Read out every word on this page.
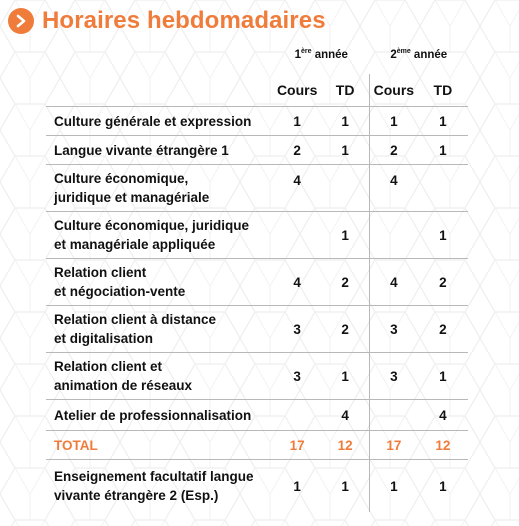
Horaires hebdomadaires
	1ère année		2ème année	
	Cours	TD	Cours	TD
Culture générale et expression	1	1	1	1
Langue vivante étrangère 1	2	1	2	1
Culture économique,
juridique et managériale	4		4	
Culture économique, juridique
et managériale appliquée		1		1
Relation client
et négociation-vente	4	2	4	2
Relation client à distance
et digitalisation	3	2	3	2
Relation client et
animation de réseaux	3	1	3	1
Atelier de professionnalisation		4		4
TOTAL	17	12	17	12
Enseignement facultatif langue
vivante étrangère 2 (Esp.)	1	1	1	1
